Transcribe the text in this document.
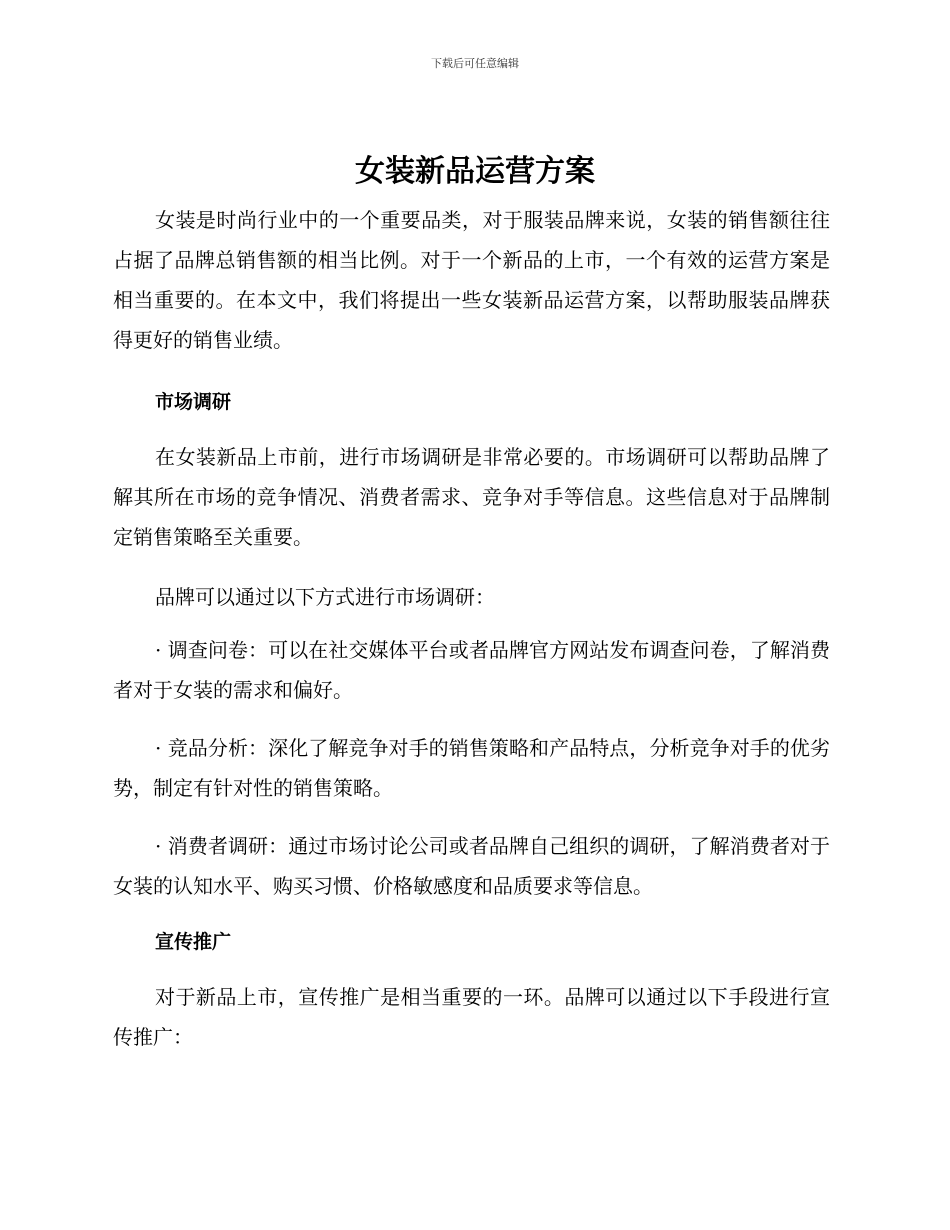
下载后可任意编辑
女装新品运营方案

女装是时尚行业中的一个重要品类，对于服装品牌来说，女装的销售额往往占据了品牌总销售额的相当比例。对于一个新品的上市，一个有效的运营方案是相当重要的。在本文中，我们将提出一些女装新品运营方案，以帮助服装品牌获得更好的销售业绩。

市场调研

在女装新品上市前，进行市场调研是非常必要的。市场调研可以帮助品牌了解其所在市场的竞争情况、消费者需求、竞争对手等信息。这些信息对于品牌制定销售策略至关重要。

品牌可以通过以下方式进行市场调研：

· 调查问卷：可以在社交媒体平台或者品牌官方网站发布调查问卷，了解消费者对于女装的需求和偏好。

· 竞品分析：深化了解竞争对手的销售策略和产品特点，分析竞争对手的优劣势，制定有针对性的销售策略。

· 消费者调研：通过市场讨论公司或者品牌自己组织的调研，了解消费者对于女装的认知水平、购买习惯、价格敏感度和品质要求等信息。

宣传推广

对于新品上市，宣传推广是相当重要的一环。品牌可以通过以下手段进行宣传推广：
